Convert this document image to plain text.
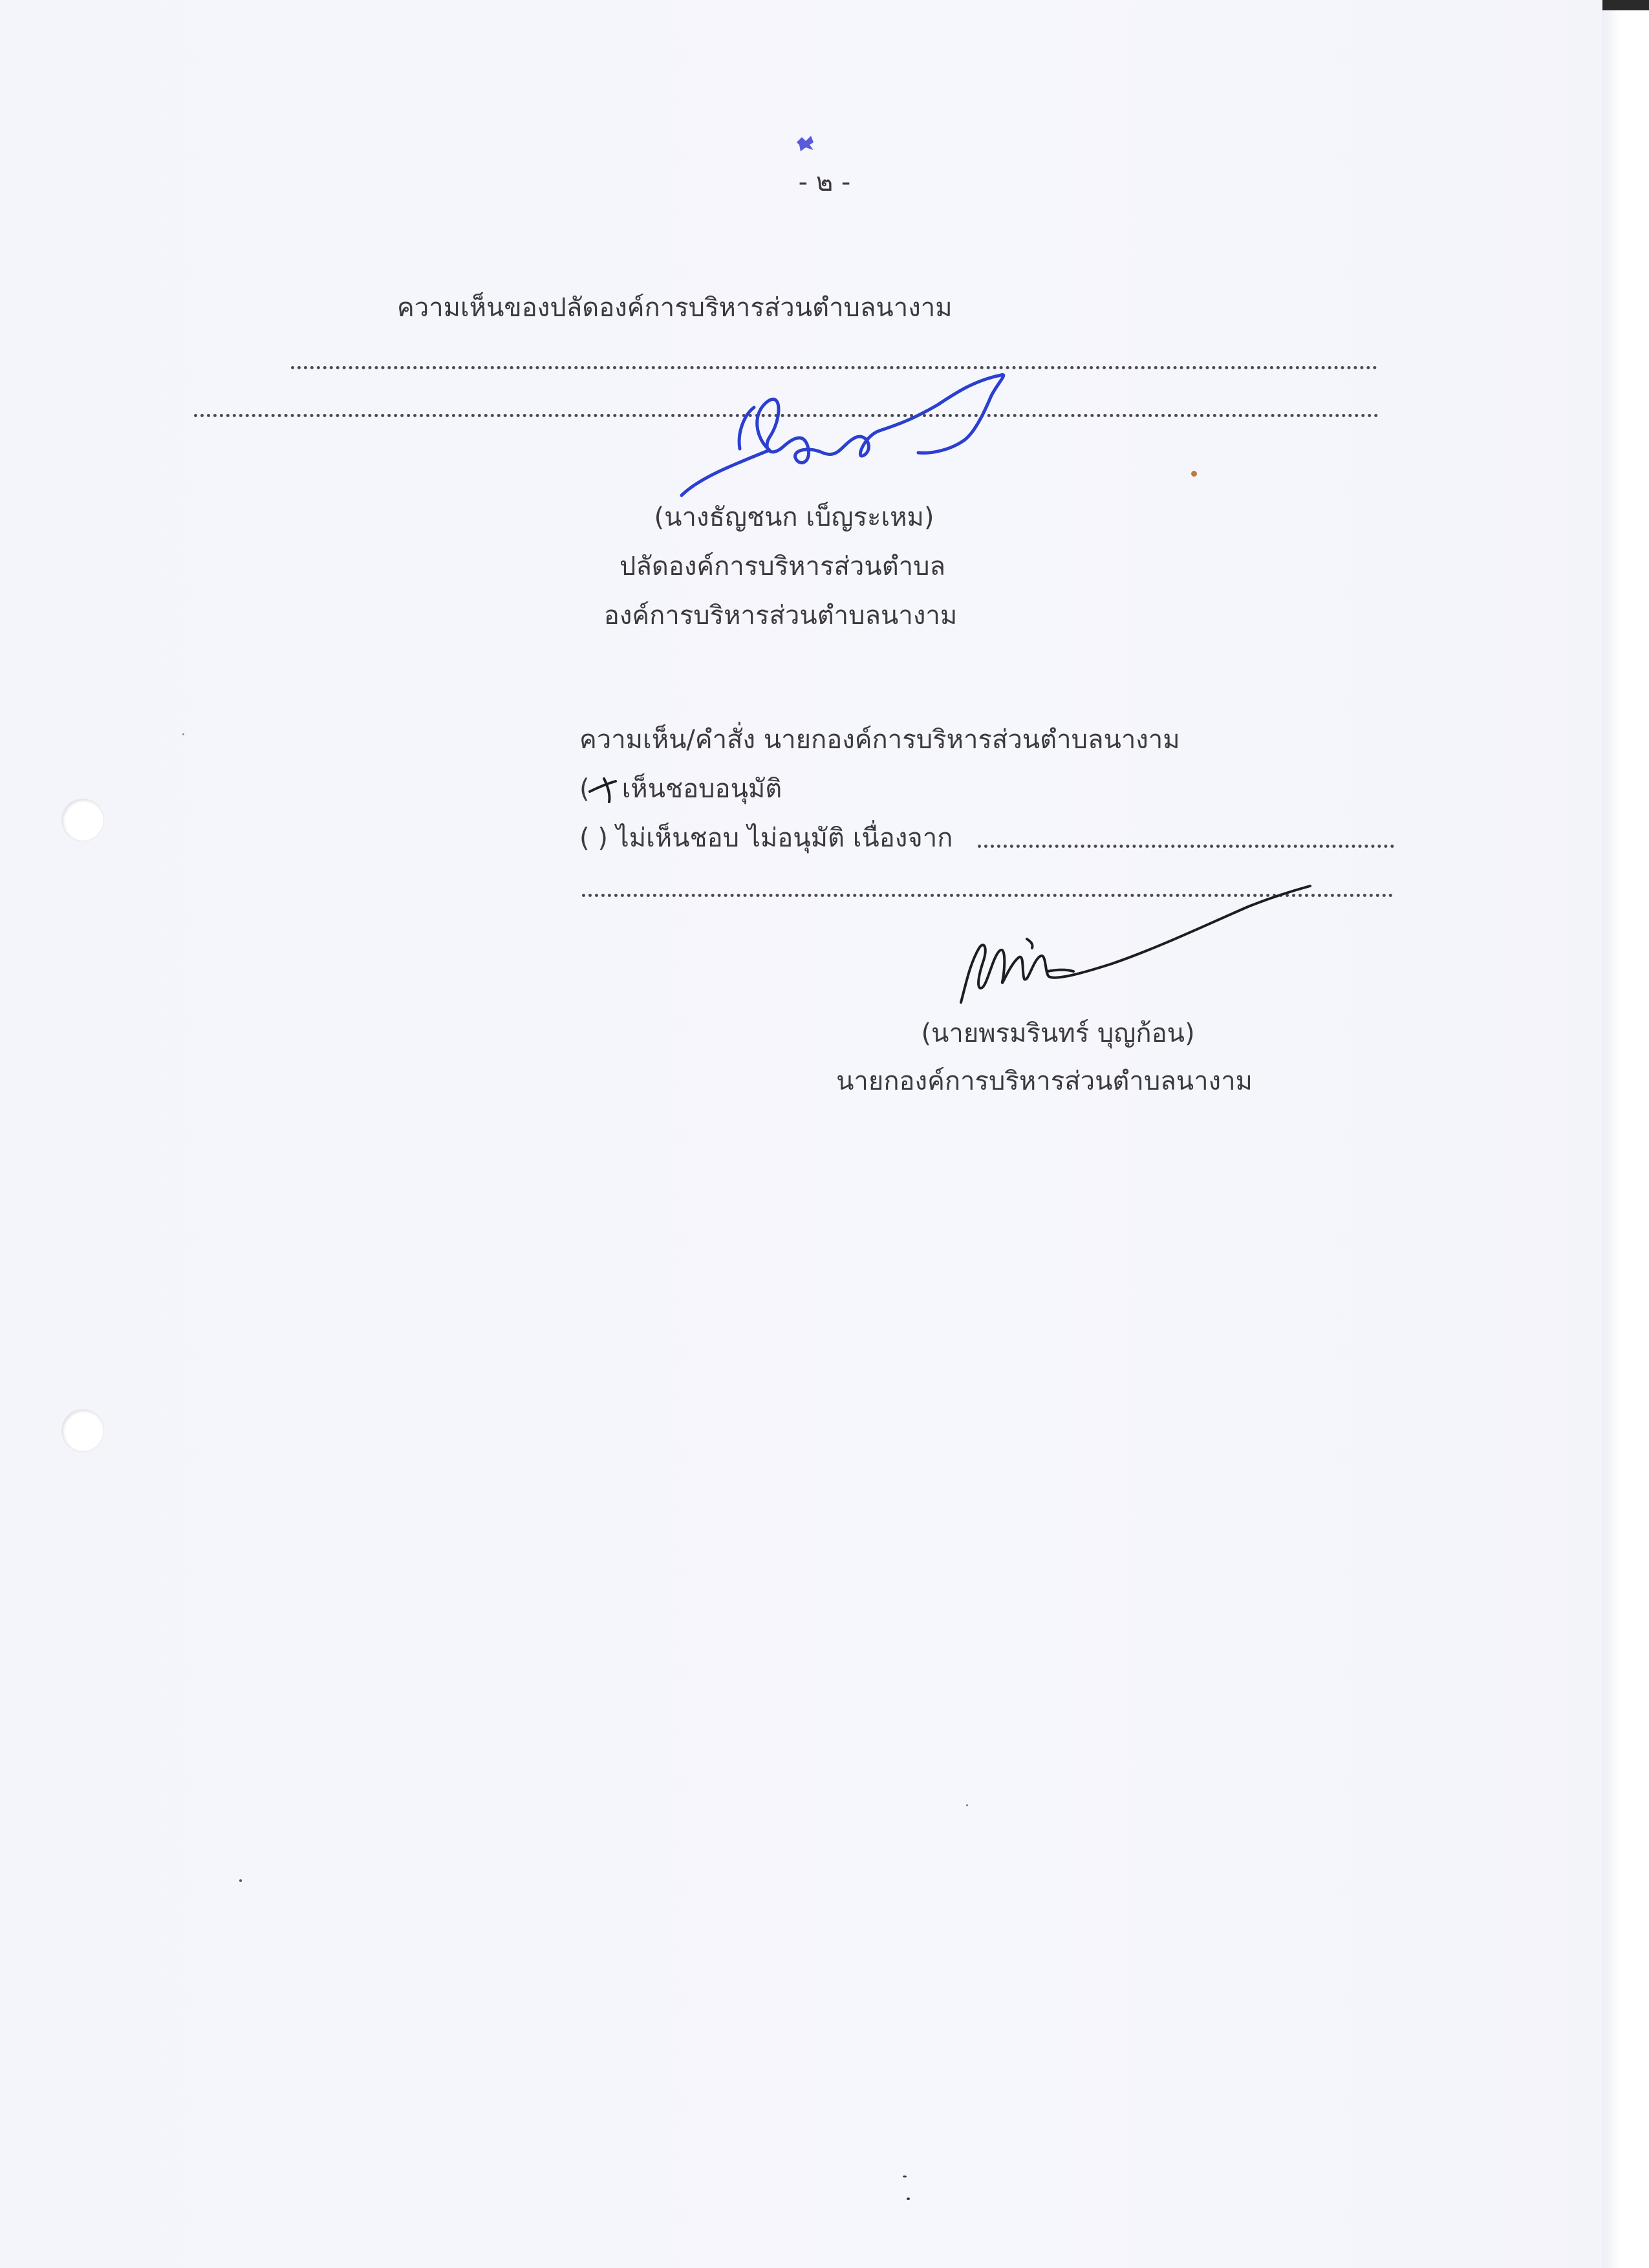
- ๒ -
ความเห็นของปลัดองค์การบริหารส่วนตำบลนางาม
(นางธัญชนก เบ็ญระเหม)
ปลัดองค์การบริหารส่วนตำบล
องค์การบริหารส่วนตำบลนางาม
ความเห็น/คำสั่ง นายกองค์การบริหารส่วนตำบลนางาม
( เห็นชอบอนุมัติ
( ) ไม่เห็นชอบ ไม่อนุมัติ เนื่องจาก
(นายพรมรินทร์ บุญก้อน)
นายกองค์การบริหารส่วนตำบลนางาม
